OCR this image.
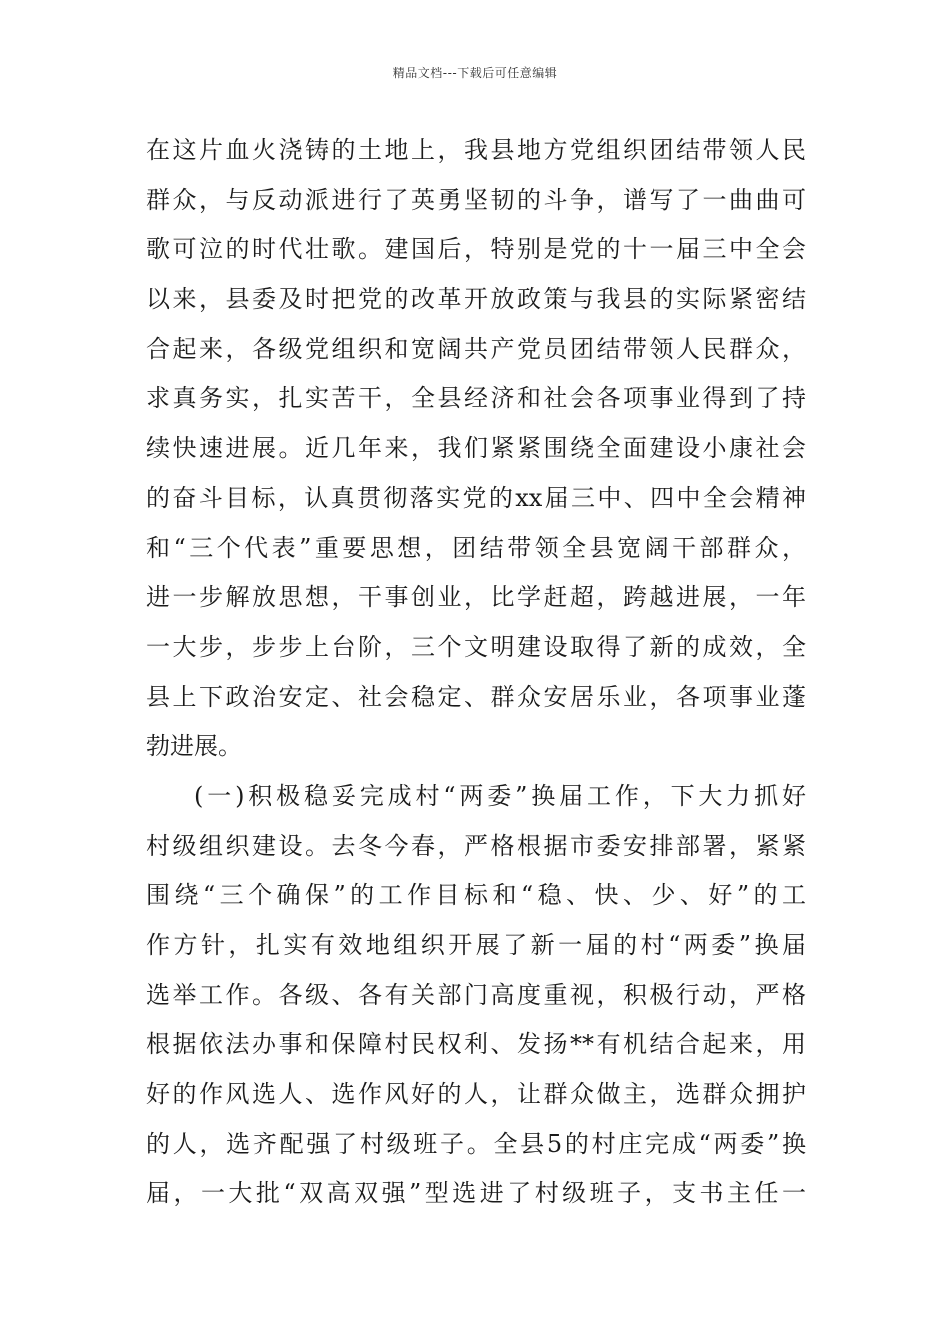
精品文档---下载后可任意编辑
在这片血火浇铸的土地上，我县地方党组织团结带领人民
群众，与反动派进行了英勇坚韧的斗争，谱写了一曲曲可
歌可泣的时代壮歌。建国后，特别是党的十一届三中全会
以来，县委及时把党的改革开放政策与我县的实际紧密结
合起来，各级党组织和宽阔共产党员团结带领人民群众，
求真务实，扎实苦干，全县经济和社会各项事业得到了持
续快速进展。近几年来，我们紧紧围绕全面建设小康社会
的奋斗目标，认真贯彻落实党的xx届三中、四中全会精神
和“三个代表”重要思想，团结带领全县宽阔干部群众，
进一步解放思想，干事创业，比学赶超，跨越进展，一年
一大步，步步上台阶，三个文明建设取得了新的成效，全
县上下政治安定、社会稳定、群众安居乐业，各项事业蓬
勃进展。
(一)积极稳妥完成村“两委”换届工作，下大力抓好
村级组织建设。去冬今春，严格根据市委安排部署，紧紧
围绕“三个确保”的工作目标和“稳、快、少、好”的工
作方针，扎实有效地组织开展了新一届的村“两委”换届
选举工作。各级、各有关部门高度重视，积极行动，严格
根据依法办事和保障村民权利、发扬**有机结合起来，用
好的作风选人、选作风好的人，让群众做主，选群众拥护
的人，选齐配强了村级班子。全县5的村庄完成“两委”换
届，一大批“双高双强”型选进了村级班子，支书主任一
